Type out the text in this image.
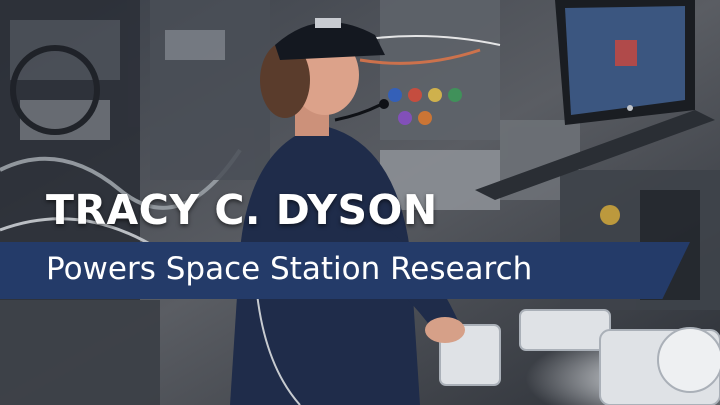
TRACY C. DYSON
Powers Space Station Research
